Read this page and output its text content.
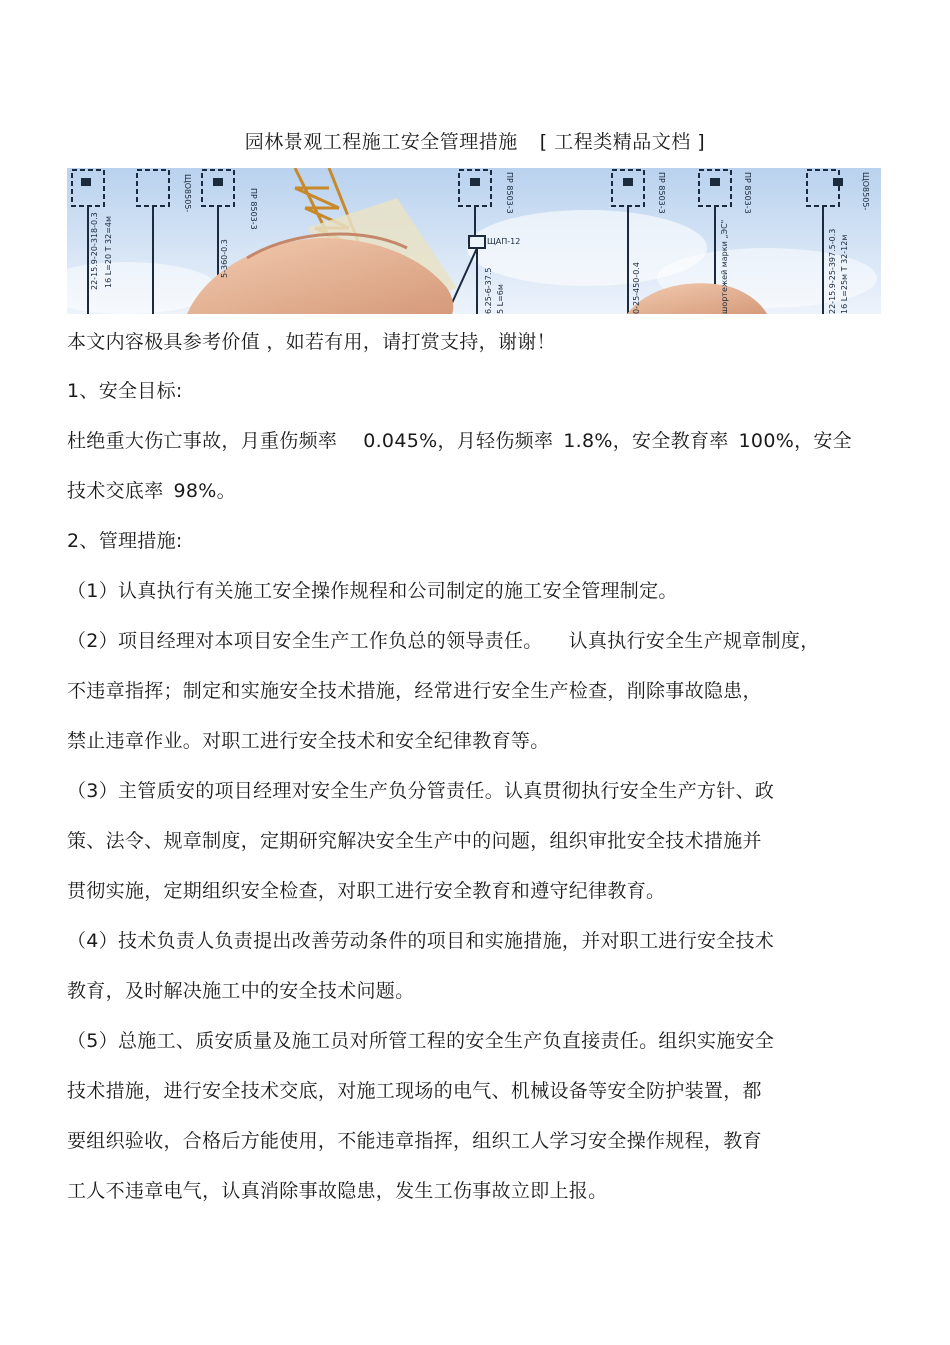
园林景观工程施工安全管理措施 [ 工程类精品文档 ]
ЩО8505-	ПР 8503-3	ПР 8503-3
ЩАП-12
ПР 8503-3	ПР 8503-3	ЩО8505-
22-15.9-20-318-0.3 16 L=20 Т 32=4м	5-360-0.3
6.25-6-37.5 5 L=6м	0-25-450-0.4	шортежей марки „ЭС"	22-15.9-25-397.5-0.3 16 L=25м Т 32-12м
本文内容极具参考价值 ，如若有用，请打赏支持，谢谢！
1、安全目标:
杜绝重大伤亡事故，月重伤频率 0.045%，月轻伤频率 1.8%，安全教育率 100%，安全
技术交底率 98%。
2、管理措施:
（1）认真执行有关施工安全操作规程和公司制定的施工安全管理制定。
（2）项目经理对本项目安全生产工作负总的领导责任。 认真执行安全生产规章制度，
不违章指挥；制定和实施安全技术措施，经常进行安全生产检查，削除事故隐患，
禁止违章作业。对职工进行安全技术和安全纪律教育等。
（3）主管质安的项目经理对安全生产负分管责任。认真贯彻执行安全生产方针、政
策、法令、规章制度，定期研究解决安全生产中的问题，组织审批安全技术措施并
贯彻实施，定期组织安全检查，对职工进行安全教育和遵守纪律教育。
（4）技术负责人负责提出改善劳动条件的项目和实施措施，并对职工进行安全技术
教育，及时解决施工中的安全技术问题。
（5）总施工、质安质量及施工员对所管工程的安全生产负直接责任。组织实施安全
技术措施，进行安全技术交底，对施工现场的电气、机械设备等安全防护装置，都
要组织验收，合格后方能使用，不能违章指挥，组织工人学习安全操作规程，教育
工人不违章电气，认真消除事故隐患，发生工伤事故立即上报。
